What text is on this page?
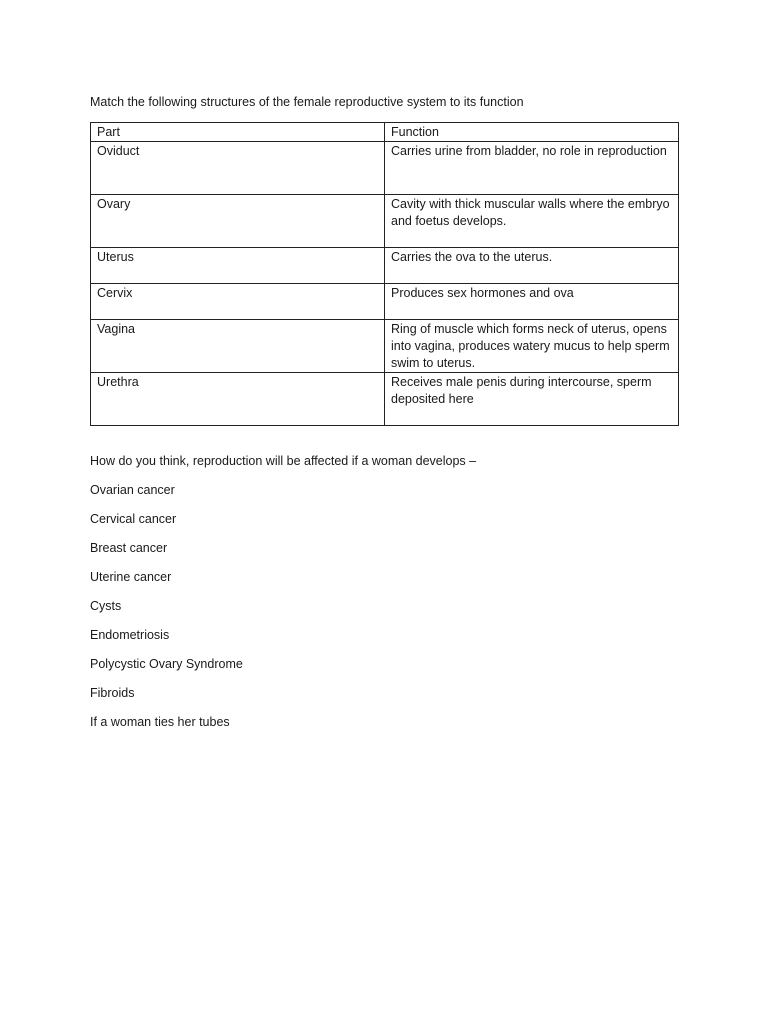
Match the following structures of the female reproductive system to its function
Part	Function
Oviduct	Carries urine from bladder, no role in reproduction
Ovary	Cavity with thick muscular walls where the embryo and foetus develops.
Uterus	Carries the ova to the uterus.
Cervix	Produces sex hormones and ova
Vagina	Ring of muscle which forms neck of uterus, opens into vagina, produces watery mucus to help sperm swim to uterus.
Urethra	Receives male penis during intercourse, sperm deposited here
How do you think, reproduction will be affected if a woman develops –
Ovarian cancer
Cervical cancer
Breast cancer
Uterine cancer
Cysts
Endometriosis
Polycystic Ovary Syndrome
Fibroids
If a woman ties her tubes
